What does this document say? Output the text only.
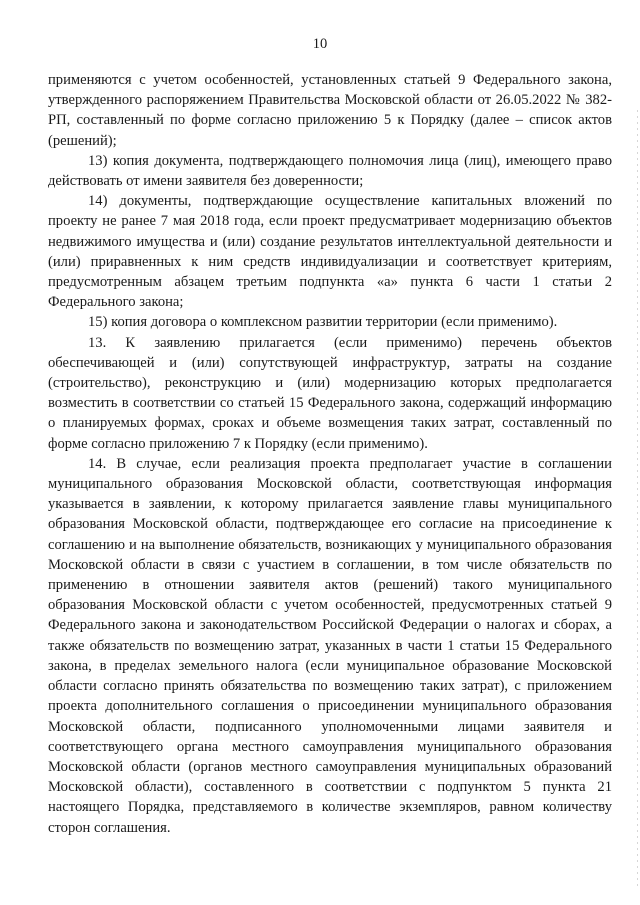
10

применяются с учетом особенностей, установленных статьей 9 Федерального закона, утвержденного распоряжением Правительства Московской области от 26.05.2022 № 382-РП, составленный по форме согласно приложению 5 к Порядку (далее – список актов (решений);

13) копия документа, подтверждающего полномочия лица (лиц), имеющего право действовать от имени заявителя без доверенности;

14) документы, подтверждающие осуществление капитальных вложений по проекту не ранее 7 мая 2018 года, если проект предусматривает модернизацию объектов недвижимого имущества и (или) создание результатов интеллектуальной деятельности и (или) приравненных к ним средств индивидуализации и соответствует критериям, предусмотренным абзацем третьим подпункта «а» пункта 6 части 1 статьи 2 Федерального закона;

15) копия договора о комплексном развитии территории (если применимо).

13. К заявлению прилагается (если применимо) перечень объектов обеспечивающей и (или) сопутствующей инфраструктур, затраты на создание (строительство), реконструкцию и (или) модернизацию которых предполагается возместить в соответствии со статьей 15 Федерального закона, содержащий информацию о планируемых формах, сроках и объеме возмещения таких затрат, составленный по форме согласно приложению 7 к Порядку (если применимо).

14. В случае, если реализация проекта предполагает участие в соглашении муниципального образования Московской области, соответствующая информация указывается в заявлении, к которому прилагается заявление главы муниципального образования Московской области, подтверждающее его согласие на присоединение к соглашению и на выполнение обязательств, возникающих у муниципального образования Московской области в связи с участием в соглашении, в том числе обязательств по применению в отношении заявителя актов (решений) такого муниципального образования Московской области с учетом особенностей, предусмотренных статьей 9 Федерального закона и законодательством Российской Федерации о налогах и сборах, а также обязательств по возмещению затрат, указанных в части 1 статьи 15 Федерального закона, в пределах земельного налога (если муниципальное образование Московской области согласно принять обязательства по возмещению таких затрат), с приложением проекта дополнительного соглашения о присоединении муниципального образования Московской области, подписанного уполномоченными лицами заявителя и соответствующего органа местного самоуправления муниципального образования Московской области (органов местного самоуправления муниципальных образований Московской области), составленного в соответствии с подпунктом 5 пункта 21 настоящего Порядка, представляемого в количестве экземпляров, равном количеству сторон соглашения.
